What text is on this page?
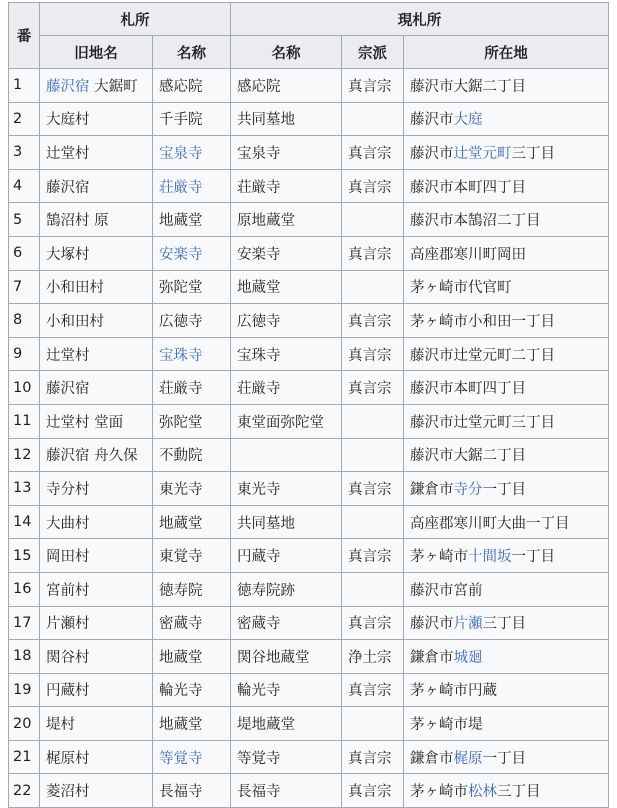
番	札所		現札所		
	旧地名	名称	名称	宗派	所在地
1	藤沢宿 大鋸町	感応院	感応院	真言宗	藤沢市大鋸二丁目
2	大庭村	千手院	共同墓地		藤沢市大庭
3	辻堂村	宝泉寺	宝泉寺	真言宗	藤沢市辻堂元町三丁目
4	藤沢宿	荘厳寺	荘厳寺	真言宗	藤沢市本町四丁目
5	鵠沼村 原	地蔵堂	原地蔵堂		藤沢市本鵠沼二丁目
6	大塚村	安楽寺	安楽寺	真言宗	高座郡寒川町岡田
7	小和田村	弥陀堂	地蔵堂		茅ヶ崎市代官町
8	小和田村	広徳寺	広徳寺	真言宗	茅ヶ崎市小和田一丁目
9	辻堂村	宝珠寺	宝珠寺	真言宗	藤沢市辻堂元町二丁目
10	藤沢宿	荘厳寺	荘厳寺	真言宗	藤沢市本町四丁目
11	辻堂村 堂面	弥陀堂	東堂面弥陀堂		藤沢市辻堂元町三丁目
12	藤沢宿 舟久保	不動院			藤沢市大鋸二丁目
13	寺分村	東光寺	東光寺	真言宗	鎌倉市寺分一丁目
14	大曲村	地蔵堂	共同墓地		高座郡寒川町大曲一丁目
15	岡田村	東覚寺	円蔵寺	真言宗	茅ヶ崎市十間坂一丁目
16	宮前村	徳寿院	徳寿院跡		藤沢市宮前
17	片瀬村	密蔵寺	密蔵寺	真言宗	藤沢市片瀬三丁目
18	関谷村	地蔵堂	関谷地蔵堂	浄土宗	鎌倉市城廻
19	円蔵村	輪光寺	輪光寺	真言宗	茅ヶ崎市円蔵
20	堤村	地蔵堂	堤地蔵堂		茅ヶ崎市堤
21	梶原村	等覚寺	等覚寺	真言宗	鎌倉市梶原一丁目
22	菱沼村	長福寺	長福寺	真言宗	茅ヶ崎市松林三丁目
